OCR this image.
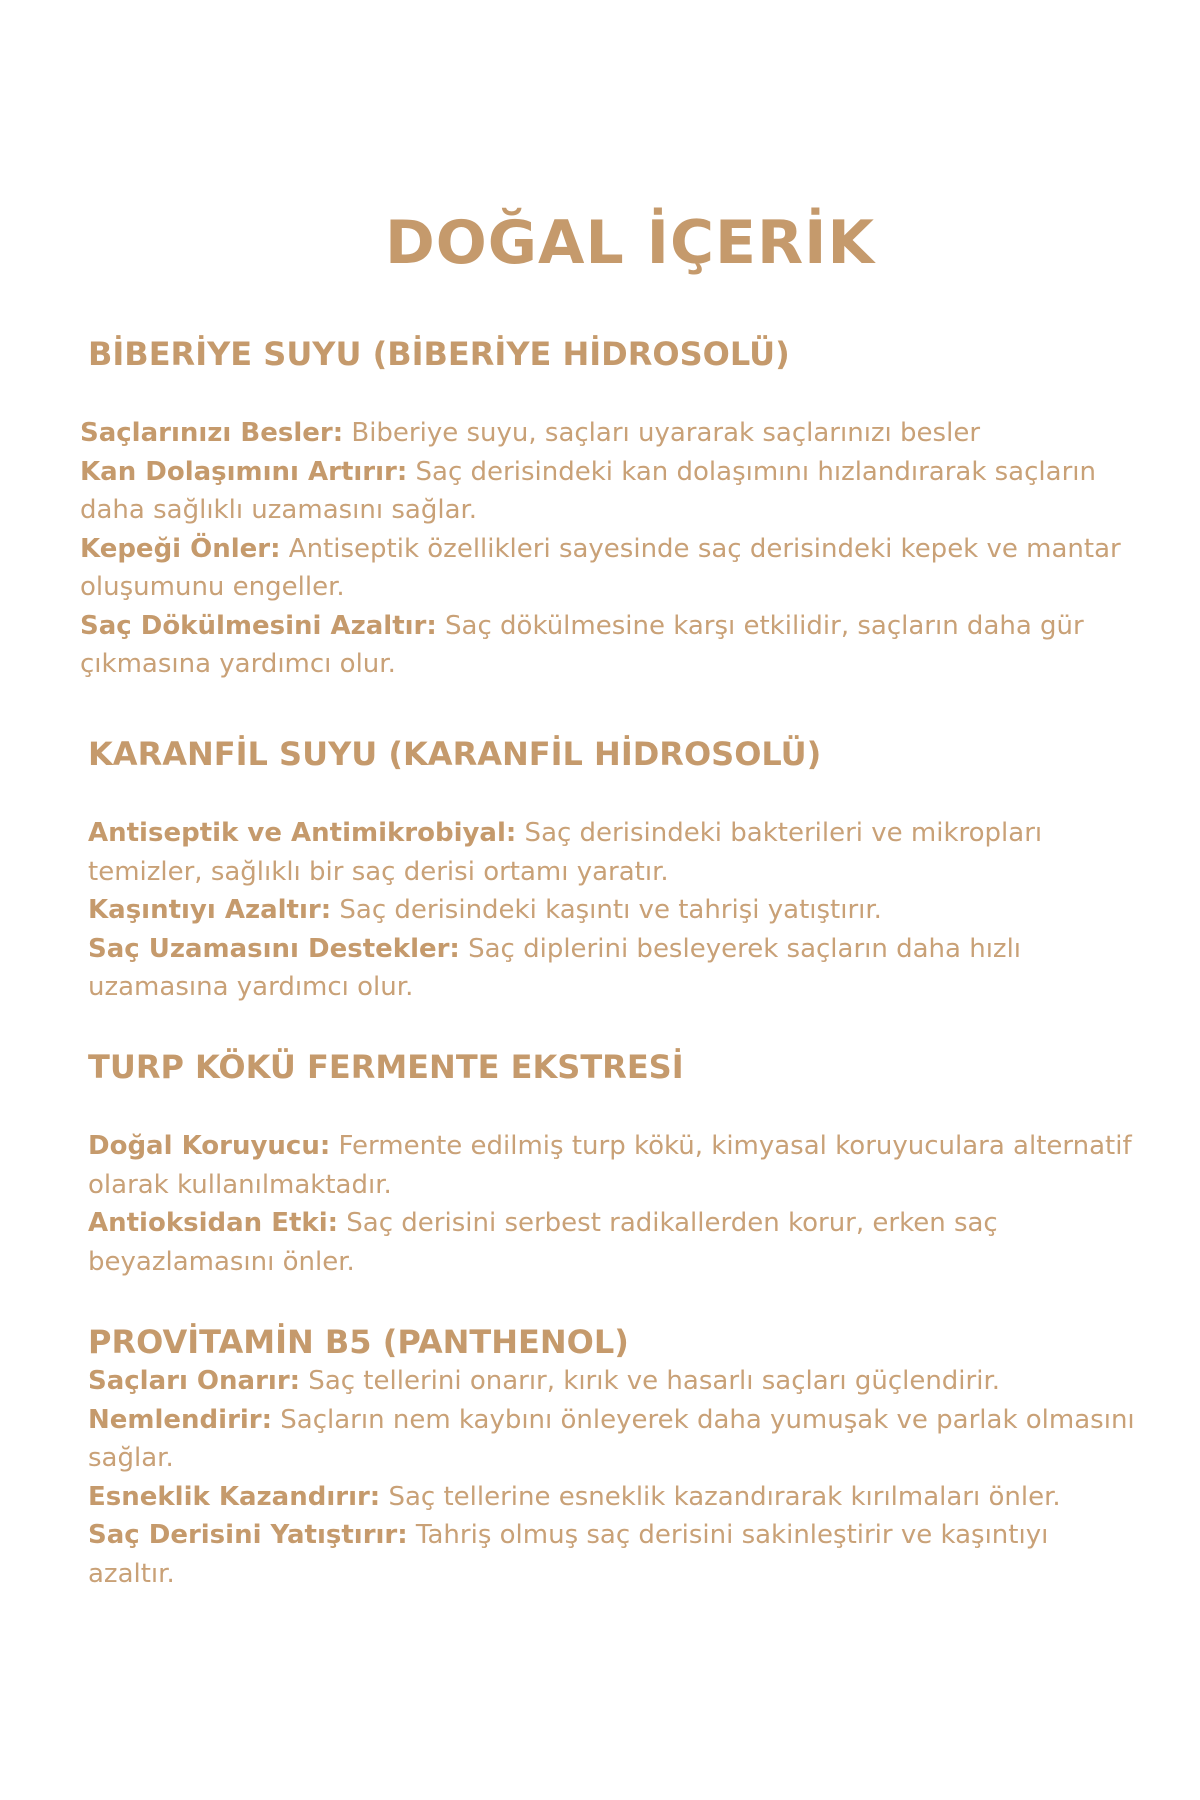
DOĞAL İÇERİK
BİBERİYE SUYU (BİBERİYE HİDROSOLÜ)
Saçlarınızı Besler: Biberiye suyu, saçları uyararak saçlarınızı besler
Kan Dolaşımını Artırır: Saç derisindeki kan dolaşımını hızlandırarak saçların daha sağlıklı uzamasını sağlar.
Kepeği Önler: Antiseptik özellikleri sayesinde saç derisindeki kepek ve mantar oluşumunu engeller.
Saç Dökülmesini Azaltır: Saç dökülmesine karşı etkilidir, saçların daha gür çıkmasına yardımcı olur.
KARANFİL SUYU (KARANFİL HİDROSOLÜ)
Antiseptik ve Antimikrobiyal: Saç derisindeki bakterileri ve mikropları temizler, sağlıklı bir saç derisi ortamı yaratır.
Kaşıntıyı Azaltır: Saç derisindeki kaşıntı ve tahrişi yatıştırır.
Saç Uzamasını Destekler: Saç diplerini besleyerek saçların daha hızlı uzamasına yardımcı olur.
TURP KÖKÜ FERMENTE EKSTRESİ
Doğal Koruyucu: Fermente edilmiş turp kökü, kimyasal koruyuculara alternatif olarak kullanılmaktadır.
Antioksidan Etki: Saç derisini serbest radikallerden korur, erken saç beyazlamasını önler.
PROVİTAMİN B5 (PANTHENOL)
Saçları Onarır: Saç tellerini onarır, kırık ve hasarlı saçları güçlendirir.
Nemlendirir: Saçların nem kaybını önleyerek daha yumuşak ve parlak olmasını sağlar.
Esneklik Kazandırır: Saç tellerine esneklik kazandırarak kırılmaları önler.
Saç Derisini Yatıştırır: Tahriş olmuş saç derisini sakinleştirir ve kaşıntıyı azaltır.
